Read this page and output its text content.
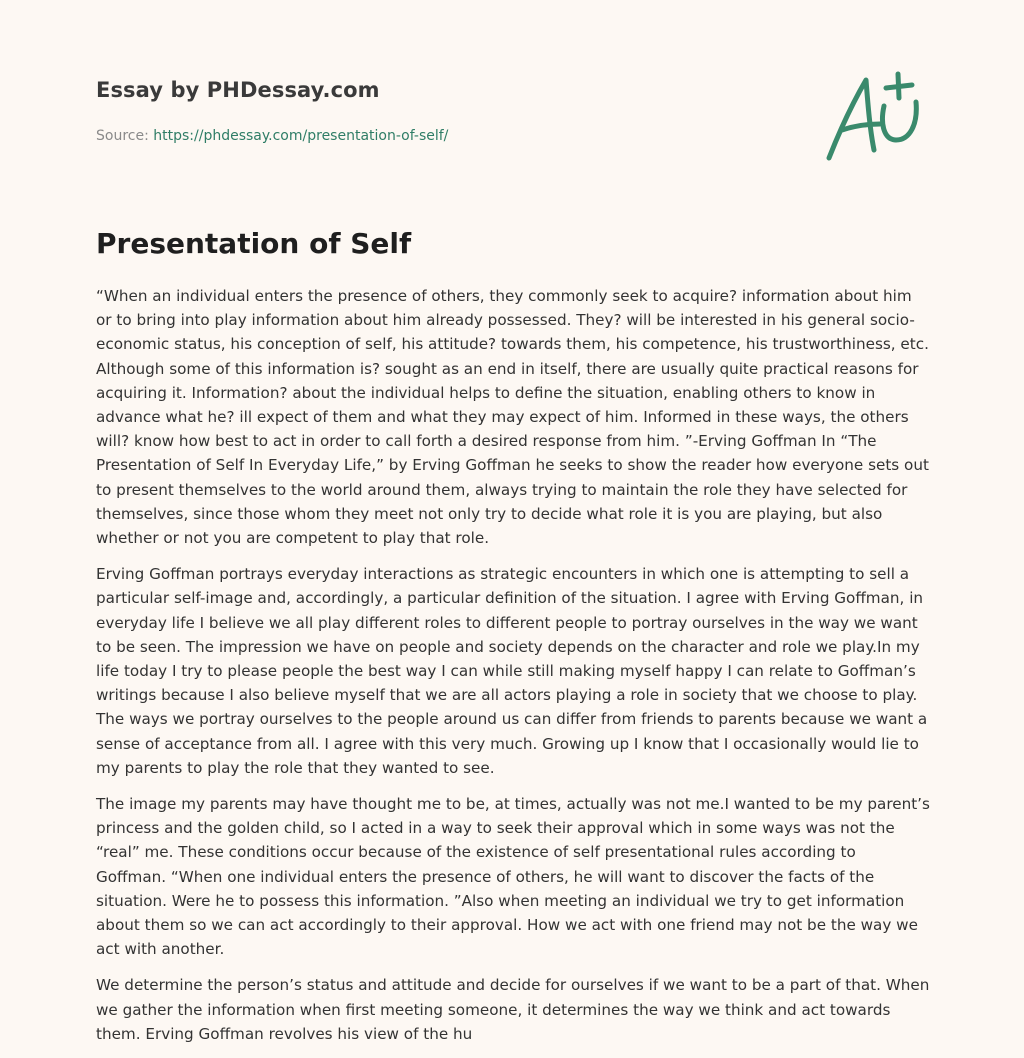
Essay by PHDessay.com
Source: https://phdessay.com/presentation-of-self/
Presentation of Self

“When an individual enters the presence of others, they commonly seek to acquire? information about him or to bring into play information about him already possessed. They? will be interested in his general socio-economic status, his conception of self, his attitude? towards them, his competence, his trustworthiness, etc. Although some of this information is? sought as an end in itself, there are usually quite practical reasons for acquiring it. Information? about the individual helps to define the situation, enabling others to know in advance what he? ill expect of them and what they may expect of him. Informed in these ways, the others will? know how best to act in order to call forth a desired response from him. ”-Erving Goffman In “The Presentation of Self In Everyday Life,” by Erving Goffman he seeks to show the reader how everyone sets out to present themselves to the world around them, always trying to maintain the role they have selected for themselves, since those whom they meet not only try to decide what role it is you are playing, but also whether or not you are competent to play that role.

Erving Goffman portrays everyday interactions as strategic encounters in which one is attempting to sell a particular self-image and, accordingly, a particular definition of the situation. I agree with Erving Goffman, in everyday life I believe we all play different roles to different people to portray ourselves in the way we want to be seen. The impression we have on people and society depends on the character and role we play.In my life today I try to please people the best way I can while still making myself happy I can relate to Goffman’s writings because I also believe myself that we are all actors playing a role in society that we choose to play. The ways we portray ourselves to the people around us can differ from friends to parents because we want a sense of acceptance from all. I agree with this very much. Growing up I know that I occasionally would lie to my parents to play the role that they wanted to see.

The image my parents may have thought me to be, at times, actually was not me.I wanted to be my parent’s princess and the golden child, so I acted in a way to seek their approval which in some ways was not the “real” me. These conditions occur because of the existence of self presentational rules according to Goffman. “When one individual enters the presence of others, he will want to discover the facts of the situation. Were he to possess this information. ”Also when meeting an individual we try to get information about them so we can act accordingly to their approval. How we act with one friend may not be the way we act with another.

We determine the person’s status and attitude and decide for ourselves if we want to be a part of that. When we gather the information when first meeting someone, it determines the way we think and act towards them. Erving Goffman revolves his view of the hu
